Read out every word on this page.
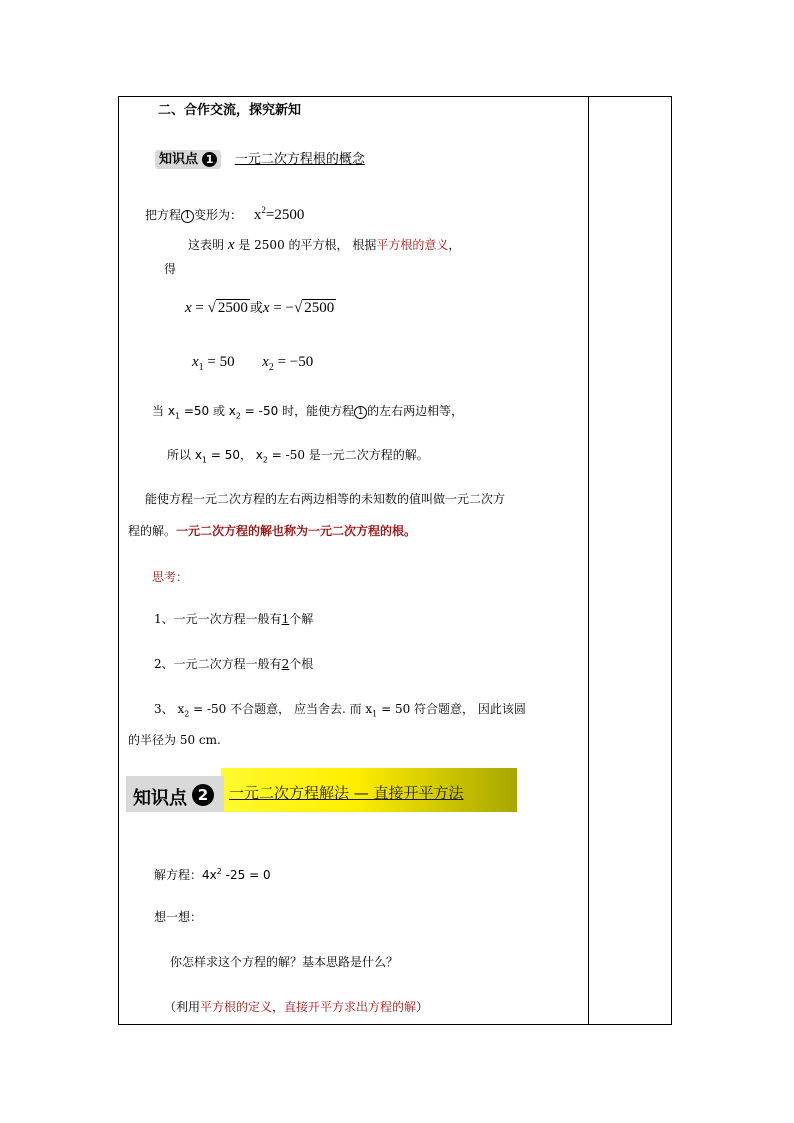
二、合作交流，探究新知
知识点 1 一元二次方程根的概念
把方程 1 变形为： $x^2=2500$
这表明 x 是 2500 的平方根， 根据平方根的意义，
得
x = √ 2500 或x = −√ 2500
$x_1 = 50$ $x_2 = -50$
当 $x_1 =50$ 或 $x_2 = -50$ 时，能使方程 1 的左右两边相等，
所以 $x_1 = 50$， $x_2 = -50$ 是一元二次方程的解。
能使方程一元二次方程的左右两边相等的未知数的值叫做一元二次方
程的解。一元二次方程的解也称为一元二次方程的根。
思考：
1、一元一次方程一般有1个解
2、一元二次方程一般有2个根
3、 $x_2 = -50$ 不合题意， 应当舍去. 而 $x_1 = 50$ 符合题意， 因此该圆
的半径为 50 cm.
知识点 2	一元二次方程解法 — 直接开平方法
解方程：$4x^2$ -25 = 0
想一想：
你怎样求这个方程的解？基本思路是什么？
（利用平方根的定义，直接开平方求出方程的解）
